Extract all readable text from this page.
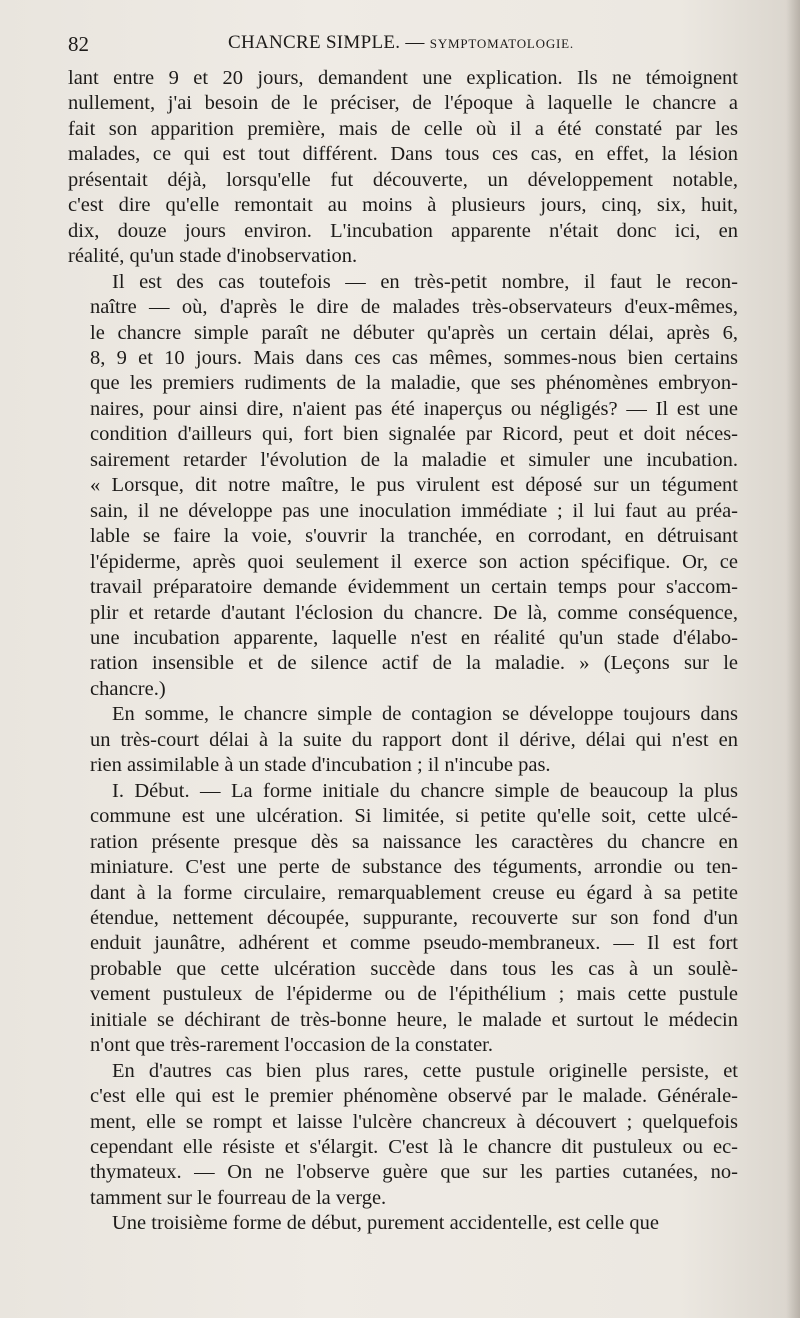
82	CHANCRE SIMPLE. — SYMPTOMATOLOGIE.

lant entre 9 et 20 jours, demandent une explication. Ils ne témoignent
nullement, j'ai besoin de le préciser, de l'époque à laquelle le chancre a
fait son apparition première, mais de celle où il a été constaté par les
malades, ce qui est tout différent. Dans tous ces cas, en effet, la lésion
présentait déjà, lorsqu'elle fut découverte, un développement notable,
c'est dire qu'elle remontait au moins à plusieurs jours, cinq, six, huit,
dix, douze jours environ. L'incubation apparente n'était donc ici, en
réalité, qu'un stade d'inobservation.

Il est des cas toutefois — en très-petit nombre, il faut le recon-
naître — où, d'après le dire de malades très-observateurs d'eux-mêmes,
le chancre simple paraît ne débuter qu'après un certain délai, après 6,
8, 9 et 10 jours. Mais dans ces cas mêmes, sommes-nous bien certains
que les premiers rudiments de la maladie, que ses phénomènes embryon-
naires, pour ainsi dire, n'aient pas été inaperçus ou négligés? — Il est une
condition d'ailleurs qui, fort bien signalée par Ricord, peut et doit néces-
sairement retarder l'évolution de la maladie et simuler une incubation.
« Lorsque, dit notre maître, le pus virulent est déposé sur un tégument
sain, il ne développe pas une inoculation immédiate ; il lui faut au préa-
lable se faire la voie, s'ouvrir la tranchée, en corrodant, en détruisant
l'épiderme, après quoi seulement il exerce son action spécifique. Or, ce
travail préparatoire demande évidemment un certain temps pour s'accom-
plir et retarde d'autant l'éclosion du chancre. De là, comme conséquence,
une incubation apparente, laquelle n'est en réalité qu'un stade d'élabo-
ration insensible et de silence actif de la maladie. » (Leçons sur le
chancre.)

En somme, le chancre simple de contagion se développe toujours dans
un très-court délai à la suite du rapport dont il dérive, délai qui n'est en
rien assimilable à un stade d'incubation ; il n'incube pas.

I. Début. — La forme initiale du chancre simple de beaucoup la plus
commune est une ulcération. Si limitée, si petite qu'elle soit, cette ulcé-
ration présente presque dès sa naissance les caractères du chancre en
miniature. C'est une perte de substance des téguments, arrondie ou ten-
dant à la forme circulaire, remarquablement creuse eu égard à sa petite
étendue, nettement découpée, suppurante, recouverte sur son fond d'un
enduit jaunâtre, adhérent et comme pseudo-membraneux. — Il est fort
probable que cette ulcération succède dans tous les cas à un soulè-
vement pustuleux de l'épiderme ou de l'épithélium ; mais cette pustule
initiale se déchirant de très-bonne heure, le malade et surtout le médecin
n'ont que très-rarement l'occasion de la constater.

En d'autres cas bien plus rares, cette pustule originelle persiste, et
c'est elle qui est le premier phénomène observé par le malade. Générale-
ment, elle se rompt et laisse l'ulcère chancreux à découvert ; quelquefois
cependant elle résiste et s'élargit. C'est là le chancre dit pustuleux ou ec-
thymateux. — On ne l'observe guère que sur les parties cutanées, no-
tamment sur le fourreau de la verge.

Une troisième forme de début, purement accidentelle, est celle que
